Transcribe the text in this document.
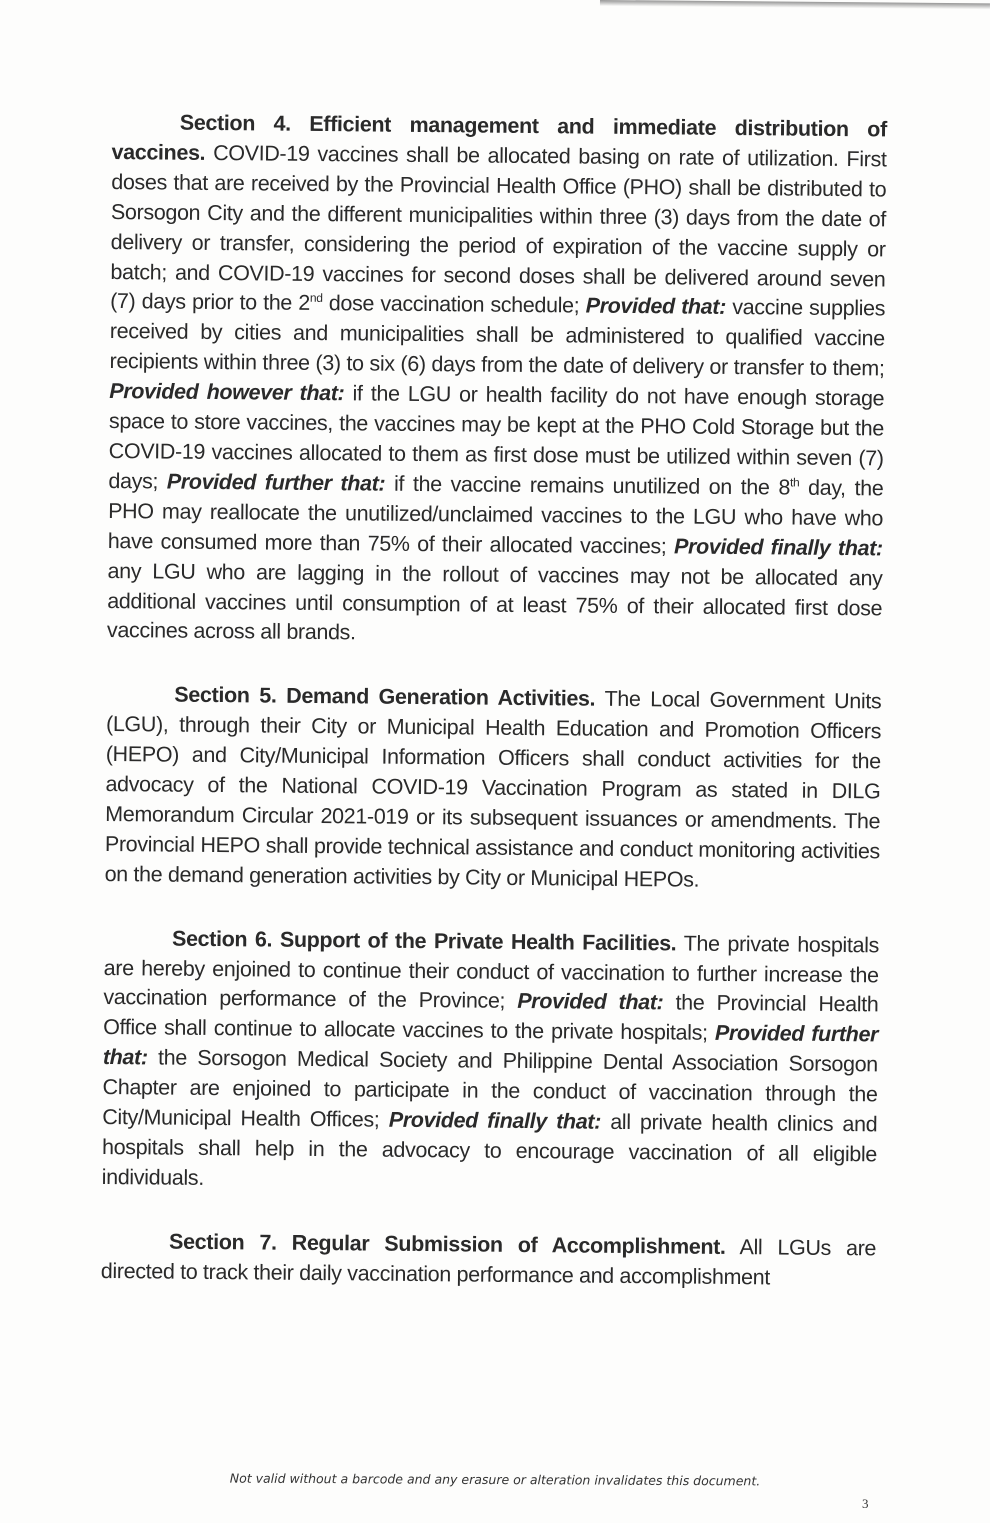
Section 4. Efficient management and immediate distribution of vaccines. COVID-19 vaccines shall be allocated basing on rate of utilization. First doses that are received by the Provincial Health Office (PHO) shall be distributed to Sorsogon City and the different municipalities within three (3) days from the date of delivery or transfer, considering the period of expiration of the vaccine supply or batch; and COVID-19 vaccines for second doses shall be delivered around seven (7) days prior to the 2nd dose vaccination schedule; Provided that: vaccine supplies received by cities and municipalities shall be administered to qualified vaccine recipients within three (3) to six (6) days from the date of delivery or transfer to them; Provided however that: if the LGU or health facility do not have enough storage space to store vaccines, the vaccines may be kept at the PHO Cold Storage but the COVID-19 vaccines allocated to them as first dose must be utilized within seven (7) days; Provided further that: if the vaccine remains unutilized on the 8th day, the PHO may reallocate the unutilized/unclaimed vaccines to the LGU who have who have consumed more than 75% of their allocated vaccines; Provided finally that: any LGU who are lagging in the rollout of vaccines may not be allocated any additional vaccines until consumption of at least 75% of their allocated first dose vaccines across all brands.

Section 5. Demand Generation Activities. The Local Government Units (LGU), through their City or Municipal Health Education and Promotion Officers (HEPO) and City/Municipal Information Officers shall conduct activities for the advocacy of the National COVID-19 Vaccination Program as stated in DILG Memorandum Circular 2021-019 or its subsequent issuances or amendments. The Provincial HEPO shall provide technical assistance and conduct monitoring activities on the demand generation activities by City or Municipal HEPOs.

Section 6. Support of the Private Health Facilities. The private hospitals are hereby enjoined to continue their conduct of vaccination to further increase the vaccination performance of the Province; Provided that: the Provincial Health Office shall continue to allocate vaccines to the private hospitals; Provided further that: the Sorsogon Medical Society and Philippine Dental Association Sorsogon Chapter are enjoined to participate in the conduct of vaccination through the City/Municipal Health Offices; Provided finally that: all private health clinics and hospitals shall help in the advocacy to encourage vaccination of all eligible individuals.

Section 7. Regular Submission of Accomplishment. All LGUs are directed to track their daily vaccination performance and accomplishment

Not valid without a barcode and any erasure or alteration invalidates this document.
3
